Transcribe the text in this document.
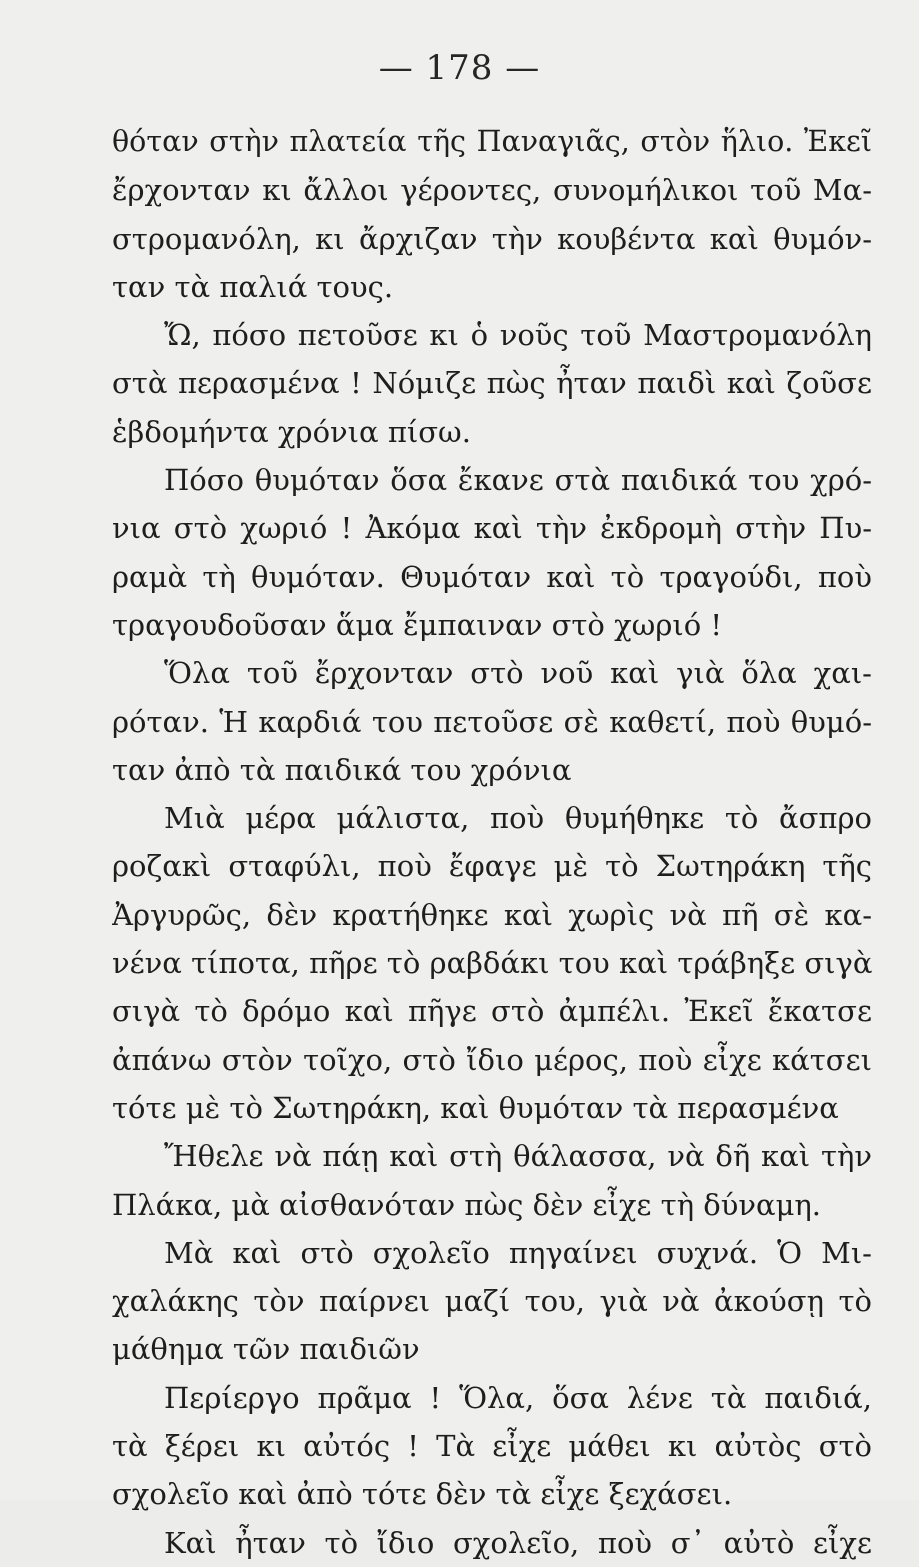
— 178 —
θόταν στὴν πλατεία τῆς Παναγιᾶς, στὸν ἥλιο. Ἐκεῖ
ἔρχονταν κι ἄλλοι γέροντες, συνομήλικοι τοῦ Μα-
στρομανόλη, κι ἄρχιζαν τὴν κουβέντα καὶ θυμόν-
ταν τὰ παλιά τους.
Ὤ, πόσο πετοῦσε κι ὁ νοῦς τοῦ Μαστρομανόλη
στὰ περασμένα ! Νόμιζε πὼς ἦταν παιδὶ καὶ ζοῦσε
ἑβδομήντα χρόνια πίσω.
Πόσο θυμόταν ὅσα ἔκανε στὰ παιδικά του χρό-
νια στὸ χωριό ! Ἀκόμα καὶ τὴν ἐκδρομὴ στὴν Πυ-
ραμὰ τὴ θυμόταν. Θυμόταν καὶ τὸ τραγούδι, ποὺ
τραγουδοῦσαν ἅμα ἔμπαιναν στὸ χωριό !
Ὅλα τοῦ ἔρχονταν στὸ νοῦ καὶ γιὰ ὅλα χαι-
ρόταν. Ἡ καρδιά του πετοῦσε σὲ καθετί, ποὺ θυμό-
ταν ἀπὸ τὰ παιδικά του χρόνια
Μιὰ μέρα μάλιστα, ποὺ θυμήθηκε τὸ ἄσπρο
ροζακὶ σταφύλι, ποὺ ἔφαγε μὲ τὸ Σωτηράκη τῆς
Ἀργυρῶς, δὲν κρατήθηκε καὶ χωρὶς νὰ πῆ σὲ κα-
νένα τίποτα, πῆρε τὸ ραβδάκι του καὶ τράβηξε σιγὰ
σιγὰ τὸ δρόμο καὶ πῆγε στὸ ἀμπέλι. Ἐκεῖ ἔκατσε
ἀπάνω στὸν τοῖχο, στὸ ἴδιο μέρος, ποὺ εἶχε κάτσει
τότε μὲ τὸ Σωτηράκη, καὶ θυμόταν τὰ περασμένα
Ἤθελε νὰ πάῃ καὶ στὴ θάλασσα, νὰ δῆ καὶ τὴν
Πλάκα, μὰ αἰσθανόταν πὼς δὲν εἶχε τὴ δύναμη.
Μὰ καὶ στὸ σχολεῖο πηγαίνει συχνά. Ὁ Μι-
χαλάκης τὸν παίρνει μαζί του, γιὰ νὰ ἀκούσῃ τὸ
μάθημα τῶν παιδιῶν
Περίεργο πρᾶμα ! Ὅλα, ὅσα λένε τὰ παιδιά,
τὰ ξέρει κι αὐτός ! Τὰ εἶχε μάθει κι αὐτὸς στὸ
σχολεῖο καὶ ἀπὸ τότε δὲν τὰ εἶχε ξεχάσει.
Καὶ ἦταν τὸ ἴδιο σχολεῖο, ποὺ σ᾽ αὐτὸ εἶχε
